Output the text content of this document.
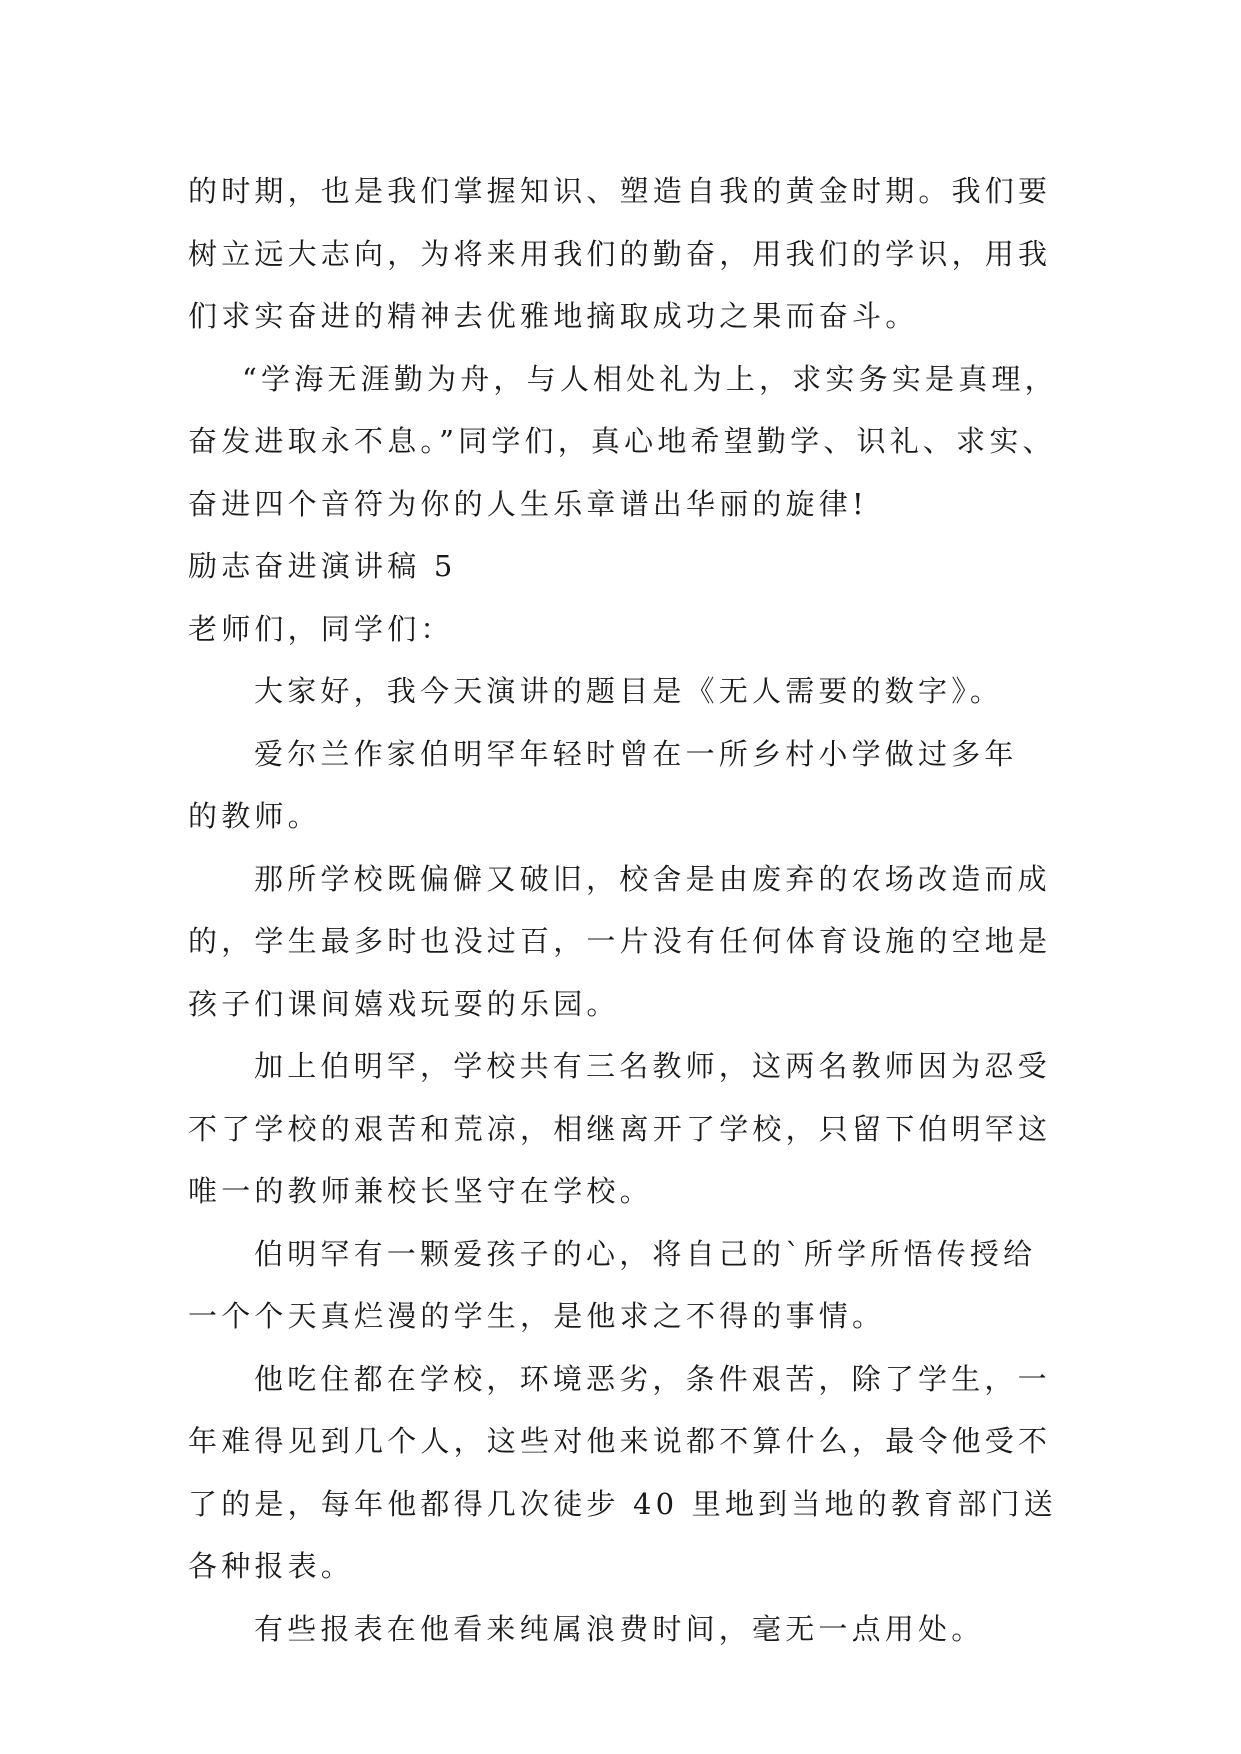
的时期，也是我们掌握知识、塑造自我的黄金时期。我们要
树立远大志向，为将来用我们的勤奋，用我们的学识，用我
们求实奋进的精神去优雅地摘取成功之果而奋斗。
“学海无涯勤为舟，与人相处礼为上，求实务实是真理，
奋发进取永不息。”同学们，真心地希望勤学、识礼、求实、
奋进四个音符为你的人生乐章谱出华丽的旋律!
励志奋进演讲稿 5
老师们，同学们：
大家好，我今天演讲的题目是《无人需要的数字》。
爱尔兰作家伯明罕年轻时曾在一所乡村小学做过多年
的教师。
那所学校既偏僻又破旧，校舍是由废弃的农场改造而成
的，学生最多时也没过百，一片没有任何体育设施的空地是
孩子们课间嬉戏玩耍的乐园。
加上伯明罕，学校共有三名教师，这两名教师因为忍受
不了学校的艰苦和荒凉，相继离开了学校，只留下伯明罕这
唯一的教师兼校长坚守在学校。
伯明罕有一颗爱孩子的心，将自己的`所学所悟传授给
一个个天真烂漫的学生，是他求之不得的事情。
他吃住都在学校，环境恶劣，条件艰苦，除了学生，一
年难得见到几个人，这些对他来说都不算什么，最令他受不
了的是，每年他都得几次徒步 40 里地到当地的教育部门送
各种报表。
有些报表在他看来纯属浪费时间，毫无一点用处。
